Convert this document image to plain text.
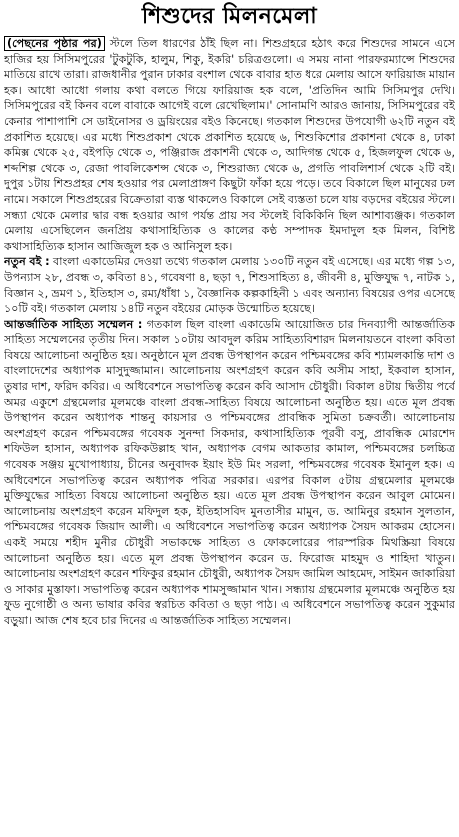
শিশুদের মিলনমেলা

(পেছনের পৃষ্ঠার পর) স্টলে তিল ধারণের ঠাঁই ছিল না। শিশুগ্রহরে হঠাৎ করে শিশুদের সামনে এসে হাজির হয় সিসিমপুরের 'টুকটুকি, হালুম, শিকু, ইকরি' চরিত্রগুলো। এ সময় নানা পারফরম্যান্সে শিশুদের মাতিয়ে রাখে তারা। রাজধানীর পুরান ঢাকার বংশাল থেকে বাবার হাত ধরে মেলায় আসে ফারিয়াজ মায়ান হক। আধো আধো গলায় কথা বলতে গিয়ে ফারিয়াজ হক বলে, 'প্রতিদিন আমি সিসিমপুর দেখি। সিসিমপুরের বই কিনব বলে বাবাকে আগেই বলে রেখেছিলাম।' সোনামণি আরও জানায়, সিসিমপুরের বই কেনার পাশাপাশি সে ডাইনোসর ও ড্রয়িংয়ের বইও কিনেছে। গতকাল শিশুদের উপযোগী ৬২টি নতুন বই প্রকাশিত হয়েছে। এর মধ্যে শিশুপ্রকাশ থেকে প্রকাশিত হয়েছে ৬, শিশুকিশোর প্রকাশনা থেকে ৪, ঢাকা কমিক্স থেকে ২৫, বইপড়ি থেকে ৩, পঞ্জিরাজ প্রকাশনী থেকে ৩, আদিগন্ত থেকে ৫, হিজলফুল থেকে ৬, শব্দশিল্প থেকে ৩, রেজা পাবলিকেশন্স থেকে ৩, শিশুরাজ্য থেকে ৬, প্রগতি পাবলিশার্স থেকে ২টি বই। দুপুর ১টায় শিশুপ্রহর শেষ হওয়ার পর মেলাপ্রাঙ্গণ কিছুটা ফাঁকা হয়ে পড়ে। তবে বিকালে ছিল মানুষের ঢল নামে। সকালে শিশুপ্রহরের বিক্রেতারা ব্যস্ত থাকলেও বিকালে সেই ব্যস্ততা চলে যায় বড়দের বইয়ের স্টলে। সন্ধ্যা থেকে মেলার দ্বার বন্ধ হওয়ার আগ পর্যন্ত প্রায় সব স্টলেই বিকিকিনি ছিল আশাব্যঞ্জক। গতকাল মেলায় এসেছিলেন জনপ্রিয় কথাসাহিত্যিক ও কালের কণ্ঠ সম্পাদক ইমদাদুল হক মিলন, বিশিষ্ট কথাসাহিত্যিক হাসান আজিজুল হক ও আনিসুল হক।

নতুন বই : বাংলা একাডেমির দেওয়া তথ্যে গতকাল মেলায় ১৩০টি নতুন বই এসেছে। এর মধ্যে গল্প ১৩, উপন্যাস ২৮, প্রবন্ধ ৩, কবিতা ৪১, গবেষণা ৪, ছড়া ৭, শিশুসাহিত্য ৪, জীবনী ৪, মুক্তিযুদ্ধ ৭, নাটক ১, বিজ্ঞান ২, ভ্রমণ ১, ইতিহাস ৩, রম্য/ধাঁধা ১, বৈজ্ঞানিক কল্পকাহিনী ১ এবং অন্যান্য বিষয়ের ওপর এসেছে ১০টি বই। গতকাল মেলায় ১৪টি নতুন বইয়ের মোড়ক উন্মোচিত হয়েছে।

আন্তর্জাতিক সাহিত্য সম্মেলন : গতকাল ছিল বাংলা একাডেমি আয়োজিত চার দিনব্যাপী আন্তর্জাতিক সাহিত্য সম্মেলনের তৃতীয় দিন। সকাল ১০টায় আবদুল করিম সাহিত্যবিশারদ মিলনায়তনে বাংলা কবিতা বিষয়ে আলোচনা অনুষ্ঠিত হয়। অনুষ্ঠানে মূল প্রবন্ধ উপস্থাপন করেন পশ্চিমবঙ্গের কবি শ্যামলকান্তি দাশ ও বাংলাদেশের অধ্যাপক মাসুদুজ্জামান। আলোচনায় অংশগ্রহণ করেন কবি অসীম সাহা, ইকবাল হাসান, তুষার দাশ, ফরিদ কবির। এ অধিবেশনে সভাপতিত্ব করেন কবি আসাদ চৌধুরী। বিকাল ৪টায় দ্বিতীয় পর্বে অমর একুশে গ্রন্থমেলার মূলমঞ্চে বাংলা প্রবন্ধ-সাহিত্য বিষয়ে আলোচনা অনুষ্ঠিত হয়। এতে মূল প্রবন্ধ উপস্থাপন করেন অধ্যাপক শান্তনু কায়সার ও পশ্চিমবঙ্গের প্রাবন্ধিক সুমিতা চক্রবর্তী। আলোচনায় অংশগ্রহণ করেন পশ্চিমবঙ্গের গবেষক সুনন্দা সিকদার, কথাসাহিত্যিক পূরবী বসু, প্রাবন্ধিক মোরশেদ শফিউল হাসান, অধ্যাপক রফিকউল্লাহ খান, অধ্যাপক বেগম আকতার কামাল, পশ্চিমবঙ্গের চলচ্চিত্র গবেষক সঞ্জয় মুখোপাধ্যায়, চীনের অনুবাদক ইয়াং ইউ মিং সরলা, পশ্চিমবঙ্গের গবেষক ইমানুল হক। এ অধিবেশনে সভাপতিত্ব করেন অধ্যাপক পবিত্র সরকার। এরপর বিকাল ৫টায় গ্রন্থমেলার মূলমঞ্চে মুক্তিযুদ্ধের সাহিত্য বিষয়ে আলোচনা অনুষ্ঠিত হয়। এতে মূল প্রবন্ধ উপস্থাপন করেন আবুল মোমেন। আলোচনায় অংশগ্রহণ করেন মফিদুল হক, ইতিহাসবিদ মুনতাসীর মামুন, ড. আমিনুর রহমান সুলতান, পশ্চিমবঙ্গের গবেষক জিয়াদ আলী। এ অধিবেশনে সভাপতিত্ব করেন অধ্যাপক সৈয়দ আকরম হোসেন। একই সময়ে শহীদ মুনীর চৌধুরী সভাকক্ষে সাহিত্য ও ফোকলোরের পারস্পরিক মিথস্ক্রিয়া বিষয়ে আলোচনা অনুষ্ঠিত হয়। এতে মূল প্রবন্ধ উপস্থাপন করেন ড. ফিরোজ মাহমুদ ও শাহিদা খাতুন। আলোচনায় অংশগ্রহণ করেন শফিকুর রহমান চৌধুরী, অধ্যাপক সৈয়দ জামিল আহমেদ, সাইমন জাকারিয়া ও সাকার মুস্তাফা। সভাপতিত্ব করেন অধ্যাপক শামসুজ্জামান খান। সন্ধ্যায় গ্রন্থমেলার মূলমঞ্চে অনুষ্ঠিত হয় ফুড নুগোষ্ঠী ও অন্য ভাষার কবির স্বরচিত কবিতা ও ছড়া পাঠ। এ অধিবেশনে সভাপতিত্ব করেন সুকুমার বড়ুয়া। আজ শেষ হবে চার দিনের এ আন্তর্জাতিক সাহিত্য সম্মেলন।
